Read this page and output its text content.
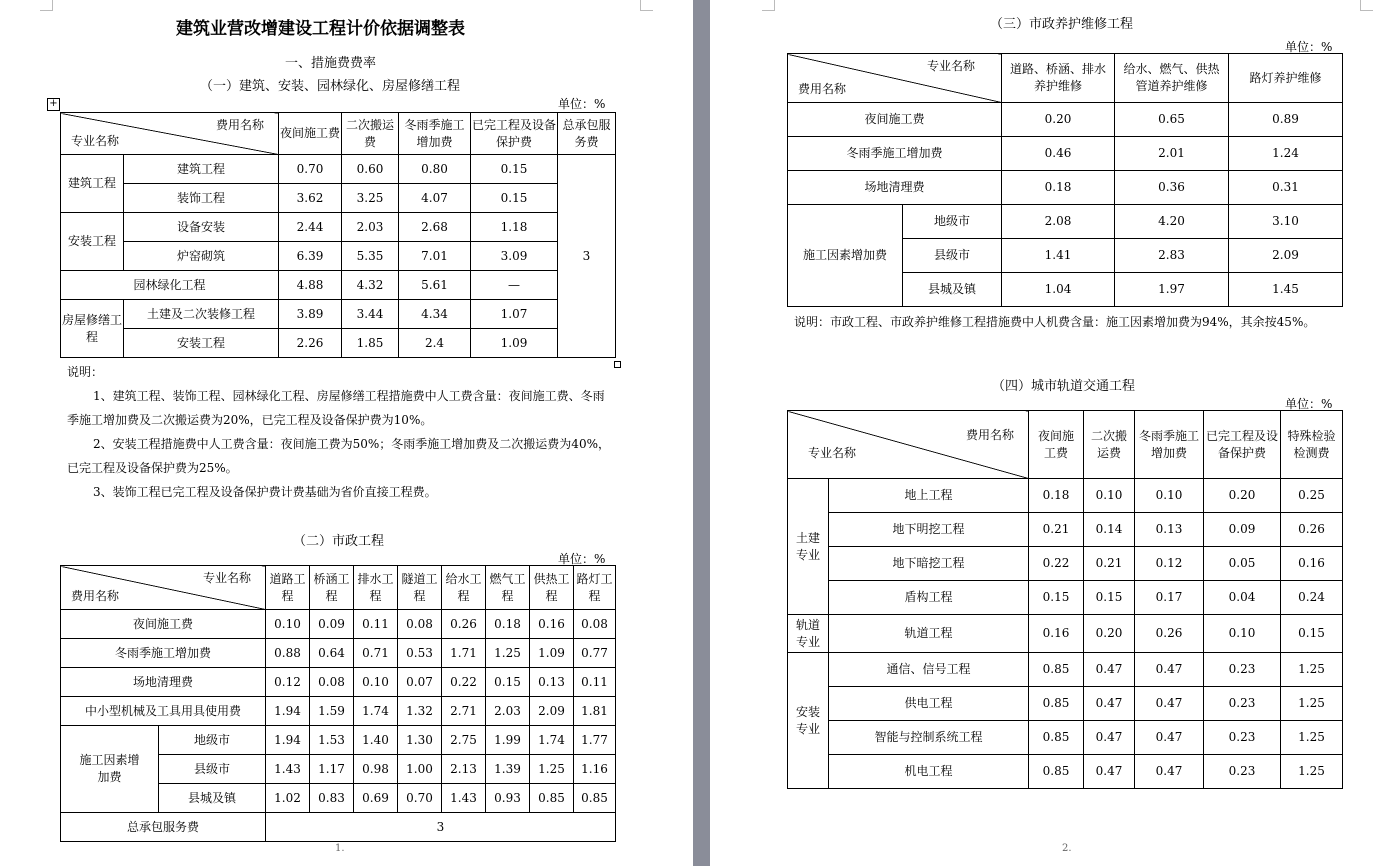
建筑业营改增建设工程计价依据调整表
一、措施费费率
（一）建筑、安装、园林绿化、房屋修缮工程
单位：%
+
费用名称
专业名称		夜间施工费	二次搬运费	冬雨季施工增加费	已完工程及设备保护费	总承包服务费
建筑工程	建筑工程	0.70	0.60	0.80	0.15	3
	装饰工程	3.62	3.25	4.07	0.15	
安装工程	设备安装	2.44	2.03	2.68	1.18	
	炉窑砌筑	6.39	5.35	7.01	3.09	
园林绿化工程		4.88	4.32	5.61	—	
房屋修缮工程	土建及二次装修工程	3.89	3.44	4.34	1.07	
	安装工程	2.26	1.85	2.4	1.09	
说明：
1、建筑工程、装饰工程、园林绿化工程、房屋修缮工程措施费中人工费含量：夜间施工费、冬雨季施工增加费及二次搬运费为20%，已完工程及设备保护费为10%。
2、安装工程措施费中人工费含量：夜间施工费为50%；冬雨季施工增加费及二次搬运费为40%，已完工程及设备保护费为25%。
3、装饰工程已完工程及设备保护费计费基础为省价直接工程费。
（二）市政工程
单位：%
专业名称
费用名称		道路工程	桥涵工程	排水工程	隧道工程	给水工程	燃气工程	供热工程	路灯工程
夜间施工费		0.10	0.09	0.11	0.08	0.26	0.18	0.16	0.08
冬雨季施工增加费		0.88	0.64	0.71	0.53	1.71	1.25	1.09	0.77
场地清理费		0.12	0.08	0.10	0.07	0.22	0.15	0.13	0.11
中小型机械及工具用具使用费		1.94	1.59	1.74	1.32	2.71	2.03	2.09	1.81
施工因素增加费	地级市	1.94	1.53	1.40	1.30	2.75	1.99	1.74	1.77
	县级市	1.43	1.17	0.98	1.00	2.13	1.39	1.25	1.16
	县城及镇	1.02	0.83	0.69	0.70	1.43	0.93	0.85	0.85
总承包服务费		3							
1.
（三）市政养护维修工程
单位：%
专业名称
费用名称		道路、桥涵、排水养护维修	给水、燃气、供热管道养护维修	路灯养护维修
夜间施工费		0.20	0.65	0.89
冬雨季施工增加费		0.46	2.01	1.24
场地清理费		0.18	0.36	0.31
施工因素增加费	地级市	2.08	4.20	3.10
	县级市	1.41	2.83	2.09
	县城及镇	1.04	1.97	1.45
说明：市政工程、市政养护维修工程措施费中人机费含量：施工因素增加费为94%，其余按45%。
（四）城市轨道交通工程
单位：%
费用名称
专业名称		夜间施工费	二次搬运费	冬雨季施工增加费	已完工程及设备保护费	特殊检验检测费
土建专业	地上工程	0.18	0.10	0.10	0.20	0.25
	地下明挖工程	0.21	0.14	0.13	0.09	0.26
	地下暗挖工程	0.22	0.21	0.12	0.05	0.16
	盾构工程	0.15	0.15	0.17	0.04	0.24
轨道专业	轨道工程	0.16	0.20	0.26	0.10	0.15
安装专业	通信、信号工程	0.85	0.47	0.47	0.23	1.25
	供电工程	0.85	0.47	0.47	0.23	1.25
	智能与控制系统工程	0.85	0.47	0.47	0.23	1.25
	机电工程	0.85	0.47	0.47	0.23	1.25
2.
